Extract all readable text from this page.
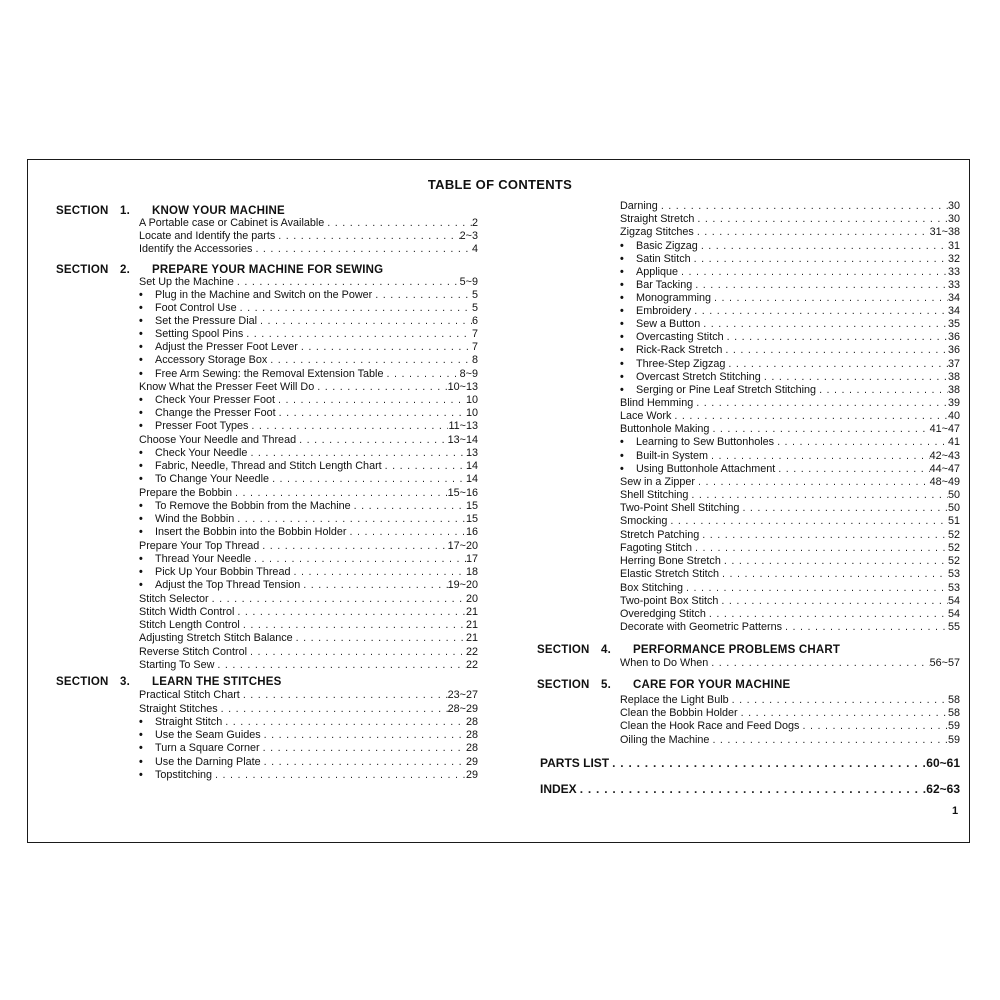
TABLE OF CONTENTS
SECTION 1. KNOW YOUR MACHINE
SECTION 2. PREPARE YOUR MACHINE FOR SEWING
SECTION 3. LEARN THE STITCHES
SECTION 4. PERFORMANCE PROBLEMS CHART
SECTION 5. CARE FOR YOUR MACHINE
A Portable case or Cabinet is Available . . .	2
Locate and Identify the parts . . .	2~3
Identify the Accessories . . .	4
Set Up the Machine . . .	5~9
•	Plug in the Machine and Switch on the Power . . .	5
•	Foot Control Use . . .	5
•	Set the Pressure Dial . . .	6
•	Setting Spool Pins . . .	7
•	Adjust the Presser Foot Lever . . .	7
•	Accessory Storage Box . . .	8
•	Free Arm Sewing: the Removal Extension Table . . .	8~9
Know What the Presser Feet Will Do . . .	10~13
•	Check Your Presser Foot . . .	10
•	Change the Presser Foot . . .	10
•	Presser Foot Types . . .	11~13
Choose Your Needle and Thread . . .	13~14
•	Check Your Needle . . .	13
•	Fabric, Needle, Thread and Stitch Length Chart . . .	14
•	To Change Your Needle . . .	14
Prepare the Bobbin . . .	15~16
•	To Remove the Bobbin from the Machine . . .	15
•	Wind the Bobbin . . .	15
•	Insert the Bobbin into the Bobbin Holder . . .	16
Prepare Your Top Thread . . .	17~20
•	Thread Your Needle . . .	17
•	Pick Up Your Bobbin Thread . . .	18
•	Adjust the Top Thread Tension . . .	19~20
Stitch Selector . . .	20
Stitch Width Control . . .	21
Stitch Length Control . . .	21
Adjusting Stretch Stitch Balance . . .	21
Reverse Stitch Control . . .	22
Starting To Sew . . .	22
Practical Stitch Chart . . .	23~27
Straight Stitches . . .	28~29
•	Straight Stitch . . .	28
•	Use the Seam Guides . . .	28
•	Turn a Square Corner . . .	28
•	Use the Darning Plate . . .	29
•	Topstitching . . .	29
Darning . . .	30
Straight Stretch . . .	30
Zigzag Stitches . . .	31~38
•	Basic Zigzag . . .	31
•	Satin Stitch . . .	32
•	Applique . . .	33
•	Bar Tacking . . .	33
•	Monogramming . . .	34
•	Embroidery . . .	34
•	Sew a Button . . .	35
•	Overcasting Stitch . . .	36
•	Rick-Rack Stretch . . .	36
•	Three-Step Zigzag . . .	37
•	Overcast Stretch Stitching . . .	38
•	Serging or Pine Leaf Stretch Stitching . . .	38
Blind Hemming . . .	39
Lace Work . . .	40
Buttonhole Making . . .	41~47
•	Learning to Sew Buttonholes . . .	41
•	Built-in System . . .	42~43
•	Using Buttonhole Attachment . . .	44~47
Sew in a Zipper . . .	48~49
Shell Stitching . . .	50
Two-Point Shell Stitching . . .	50
Smocking . . .	51
Stretch Patching . . .	52
Fagoting Stitch . . .	52
Herring Bone Stretch . . .	52
Elastic Stretch Stitch . . .	53
Box Stitching . . .	53
Two-point Box Stitch . . .	54
Overedging Stitch . . .	54
Decorate with Geometric Patterns . . .	55
When to Do When . . .	56~57
Replace the Light Bulb . . .	58
Clean the Bobbin Holder . . .	58
Clean the Hook Race and Feed Dogs . . .	59
Oiling the Machine . . .	59
PARTS LIST . . .	60~61
INDEX . . .	62~63
1
